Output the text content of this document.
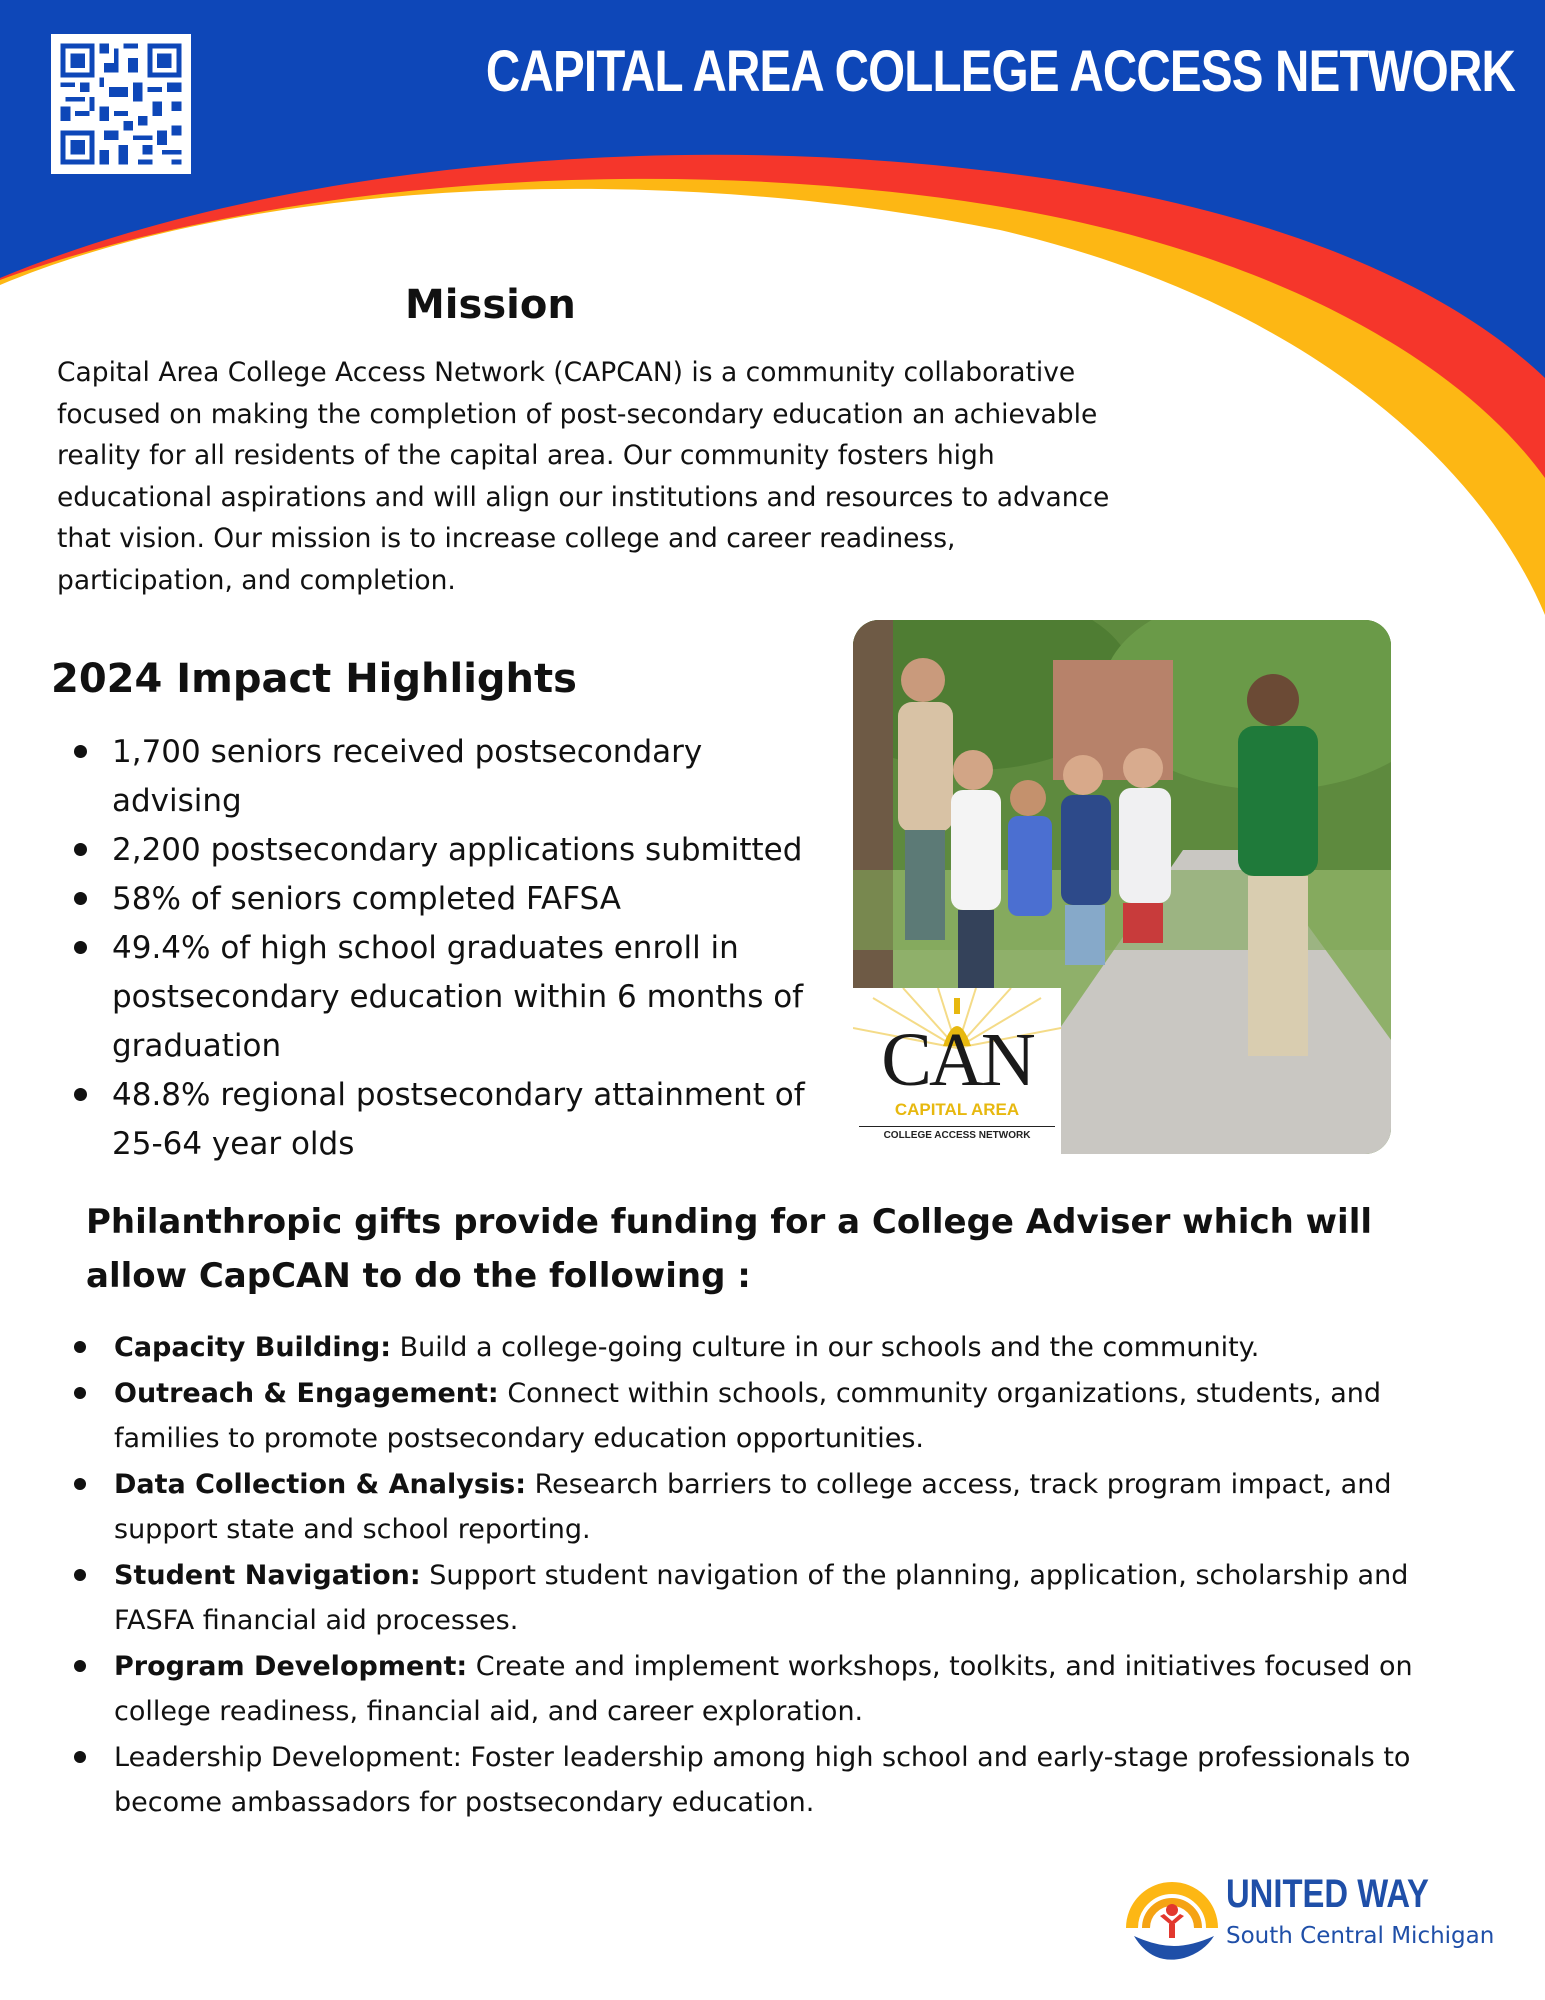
CAPITAL AREA COLLEGE ACCESS NETWORK
Mission

Capital Area College Access Network (CAPCAN) is a community collaborative focused on making the completion of post-secondary education an achievable reality for all residents of the capital area. Our community fosters high educational aspirations and will align our institutions and resources to advance that vision. Our mission is to increase college and career readiness, participation, and completion.

2024 Impact Highlights
1,700 seniors received postsecondary advising
2,200 postsecondary applications submitted
58% of seniors completed FAFSA
49.4% of high school graduates enroll in postsecondary education within 6 months of graduation
48.8% regional postsecondary attainment of 25-64 year olds
CAN
CAPITAL AREA
COLLEGE ACCESS NETWORK
Philanthropic gifts provide funding for a College Adviser which will allow CapCAN to do the following :
Capacity Building: Build a college-going culture in our schools and the community.
Outreach & Engagement: Connect within schools, community organizations, students, and families to promote postsecondary education opportunities.
Data Collection & Analysis: Research barriers to college access, track program impact, and support state and school reporting.
Student Navigation: Support student navigation of the planning, application, scholarship and FASFA financial aid processes.
Program Development: Create and implement workshops, toolkits, and initiatives focused on college readiness, financial aid, and career exploration.
Leadership Development: Foster leadership among high school and early-stage professionals to become ambassadors for postsecondary education.
UNITED WAY
South Central Michigan
